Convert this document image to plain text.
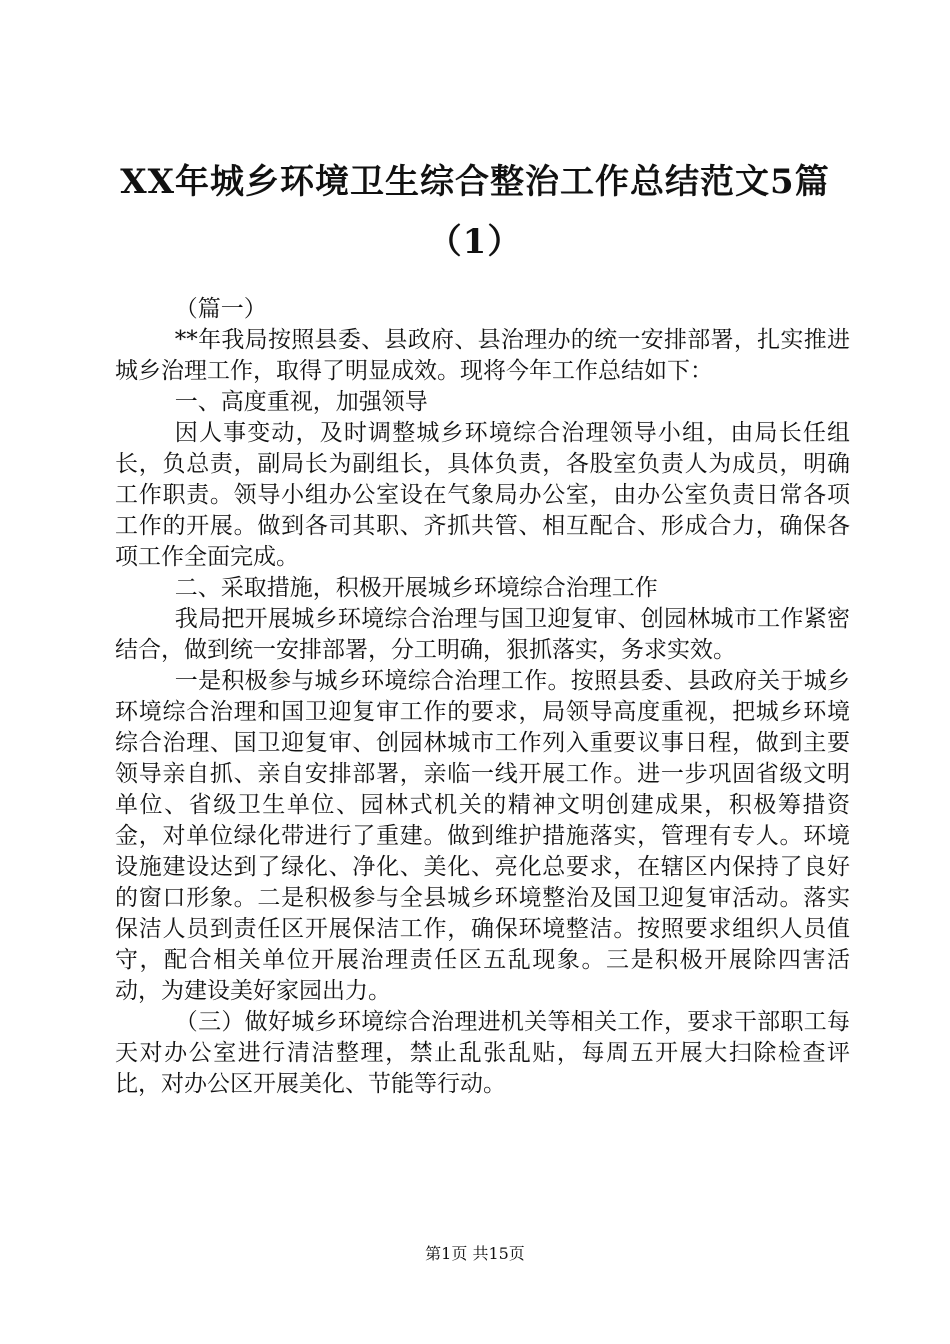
XX年城乡环境卫生综合整治工作总结范文5篇
（1）

（篇一）

**年我局按照县委、县政府、县治理办的统一安排部署，扎实推进城乡治理工作，取得了明显成效。现将今年工作总结如下：

一、高度重视，加强领导

因人事变动，及时调整城乡环境综合治理领导小组，由局长任组长，负总责，副局长为副组长，具体负责，各股室负责人为成员，明确工作职责。领导小组办公室设在气象局办公室，由办公室负责日常各项工作的开展。做到各司其职、齐抓共管、相互配合、形成合力，确保各项工作全面完成。

二、采取措施，积极开展城乡环境综合治理工作

我局把开展城乡环境综合治理与国卫迎复审、创园林城市工作紧密结合，做到统一安排部署，分工明确，狠抓落实，务求实效。

一是积极参与城乡环境综合治理工作。按照县委、县政府关于城乡环境综合治理和国卫迎复审工作的要求，局领导高度重视，把城乡环境综合治理、国卫迎复审、创园林城市工作列入重要议事日程，做到主要领导亲自抓、亲自安排部署，亲临一线开展工作。进一步巩固省级文明单位、省级卫生单位、园林式机关的精神文明创建成果，积极筹措资金，对单位绿化带进行了重建。做到维护措施落实，管理有专人。环境设施建设达到了绿化、净化、美化、亮化总要求，在辖区内保持了良好的窗口形象。二是积极参与全县城乡环境整治及国卫迎复审活动。落实保洁人员到责任区开展保洁工作，确保环境整洁。按照要求组织人员值守，配合相关单位开展治理责任区五乱现象。三是积极开展除四害活动，为建设美好家园出力。

（三）做好城乡环境综合治理进机关等相关工作，要求干部职工每天对办公室进行清洁整理，禁止乱张乱贴，每周五开展大扫除检查评比，对办公区开展美化、节能等行动。

第1页 共15页
